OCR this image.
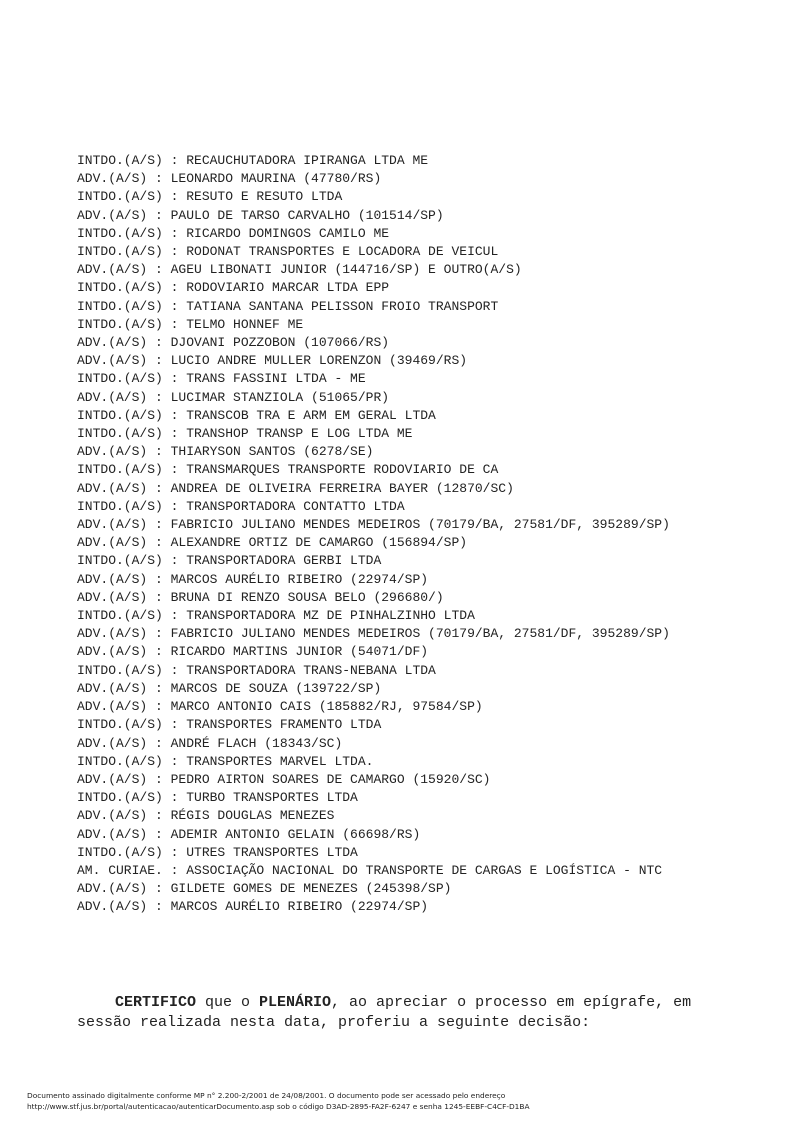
INTDO.(A/S) : RECAUCHUTADORA IPIRANGA LTDA ME
ADV.(A/S) : LEONARDO MAURINA (47780/RS)
INTDO.(A/S) : RESUTO E RESUTO LTDA
ADV.(A/S) : PAULO DE TARSO CARVALHO (101514/SP)
INTDO.(A/S) : RICARDO DOMINGOS CAMILO ME
INTDO.(A/S) : RODONAT TRANSPORTES E LOCADORA DE VEICUL
ADV.(A/S) : AGEU LIBONATI JUNIOR (144716/SP) E OUTRO(A/S)
INTDO.(A/S) : RODOVIARIO MARCAR LTDA EPP
INTDO.(A/S) : TATIANA SANTANA PELISSON FROIO TRANSPORT
INTDO.(A/S) : TELMO HONNEF ME
ADV.(A/S) : DJOVANI POZZOBON (107066/RS)
ADV.(A/S) : LUCIO ANDRE MULLER LORENZON (39469/RS)
INTDO.(A/S) : TRANS FASSINI LTDA - ME
ADV.(A/S) : LUCIMAR STANZIOLA (51065/PR)
INTDO.(A/S) : TRANSCOB TRA E ARM EM GERAL LTDA
INTDO.(A/S) : TRANSHOP TRANSP E LOG LTDA ME
ADV.(A/S) : THIARYSON SANTOS (6278/SE)
INTDO.(A/S) : TRANSMARQUES TRANSPORTE RODOVIARIO DE CA
ADV.(A/S) : ANDREA DE OLIVEIRA FERREIRA BAYER (12870/SC)
INTDO.(A/S) : TRANSPORTADORA CONTATTO LTDA
ADV.(A/S) : FABRICIO JULIANO MENDES MEDEIROS (70179/BA, 27581/DF, 395289/SP)
ADV.(A/S) : ALEXANDRE ORTIZ DE CAMARGO (156894/SP)
INTDO.(A/S) : TRANSPORTADORA GERBI LTDA
ADV.(A/S) : MARCOS AURÉLIO RIBEIRO (22974/SP)
ADV.(A/S) : BRUNA DI RENZO SOUSA BELO (296680/)
INTDO.(A/S) : TRANSPORTADORA MZ DE PINHALZINHO LTDA
ADV.(A/S) : FABRICIO JULIANO MENDES MEDEIROS (70179/BA, 27581/DF, 395289/SP)
ADV.(A/S) : RICARDO MARTINS JUNIOR (54071/DF)
INTDO.(A/S) : TRANSPORTADORA TRANS-NEBANA LTDA
ADV.(A/S) : MARCOS DE SOUZA (139722/SP)
ADV.(A/S) : MARCO ANTONIO CAIS (185882/RJ, 97584/SP)
INTDO.(A/S) : TRANSPORTES FRAMENTO LTDA
ADV.(A/S) : ANDRÉ FLACH (18343/SC)
INTDO.(A/S) : TRANSPORTES MARVEL LTDA.
ADV.(A/S) : PEDRO AIRTON SOARES DE CAMARGO (15920/SC)
INTDO.(A/S) : TURBO TRANSPORTES LTDA
ADV.(A/S) : RÉGIS DOUGLAS MENEZES
ADV.(A/S) : ADEMIR ANTONIO GELAIN (66698/RS)
INTDO.(A/S) : UTRES TRANSPORTES LTDA
AM. CURIAE. : ASSOCIAÇÃO NACIONAL DO TRANSPORTE DE CARGAS E LOGÍSTICA - NTC
ADV.(A/S) : GILDETE GOMES DE MENEZES (245398/SP)
ADV.(A/S) : MARCOS AURÉLIO RIBEIRO (22974/SP)

CERTIFICO que o PLENÁRIO, ao apreciar o processo em epígrafe, em sessão realizada nesta data, proferiu a seguinte decisão:

Documento assinado digitalmente conforme MP n° 2.200-2/2001 de 24/08/2001. O documento pode ser acessado pelo endereço
http://www.stf.jus.br/portal/autenticacao/autenticarDocumento.asp sob o código D3AD-2895-FA2F-6247 e senha 1245-EEBF-C4CF-D1BA
